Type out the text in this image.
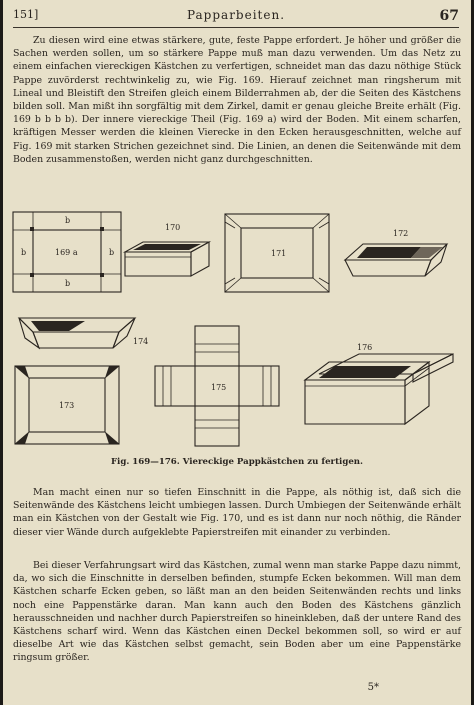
151]	Papparbeiten.	67

Zu diesen wird eine etwas stärkere, gute, feste Pappe erfordert. Je höher und größer die Sachen werden sollen, um so stärkere Pappe muß man dazu verwenden. Um das Netz zu einem einfachen viereckigen Kästchen zu verfertigen, schneidet man das dazu nöthige Stück Pappe zuvörderst rechtwinkelig zu, wie Fig. 169. Hierauf zeichnet man ringsherum mit Lineal und Bleistift den Streifen gleich einem Bilderrahmen ab, der die Seiten des Kästchens bilden soll. Man mißt ihn sorgfältig mit dem Zirkel, damit er genau gleiche Breite erhält (Fig. 169 b b b b). Der innere viereckige Theil (Fig. 169 a) wird der Boden. Mit einem scharfen, kräftigen Messer werden die kleinen Vierecke in den Ecken herausgeschnitten, welche auf Fig. 169 mit starken Strichen gezeichnet sind. Die Linien, an denen die Seitenwände mit dem Boden zusammenstoßen, werden nicht ganz durchgeschnitten.

b
b	b
b
169 a
170
171
172
174
173
175
176
Fig. 169—176. Viereckige Pappkästchen zu fertigen.

Man macht einen nur so tiefen Einschnitt in die Pappe, als nöthig ist, daß sich die Seitenwände des Kästchens leicht umbiegen lassen. Durch Umbiegen der Seitenwände erhält man ein Kästchen von der Gestalt wie Fig. 170, und es ist dann nur noch nöthig, die Ränder dieser vier Wände durch aufgeklebte Papierstreifen mit einander zu verbinden.

Bei dieser Verfahrungsart wird das Kästchen, zumal wenn man starke Pappe dazu nimmt, da, wo sich die Einschnitte in derselben befinden, stumpfe Ecken bekommen. Will man dem Kästchen scharfe Ecken geben, so läßt man an den beiden Seitenwänden rechts und links noch eine Pappenstärke daran. Man kann auch den Boden des Kästchens gänzlich herausschneiden und nachher durch Papierstreifen so hineinkleben, daß der untere Rand des Kästchens scharf wird. Wenn das Kästchen einen Deckel bekommen soll, so wird er auf dieselbe Art wie das Kästchen selbst gemacht, sein Boden aber um eine Pappenstärke ringsum größer.

5*
